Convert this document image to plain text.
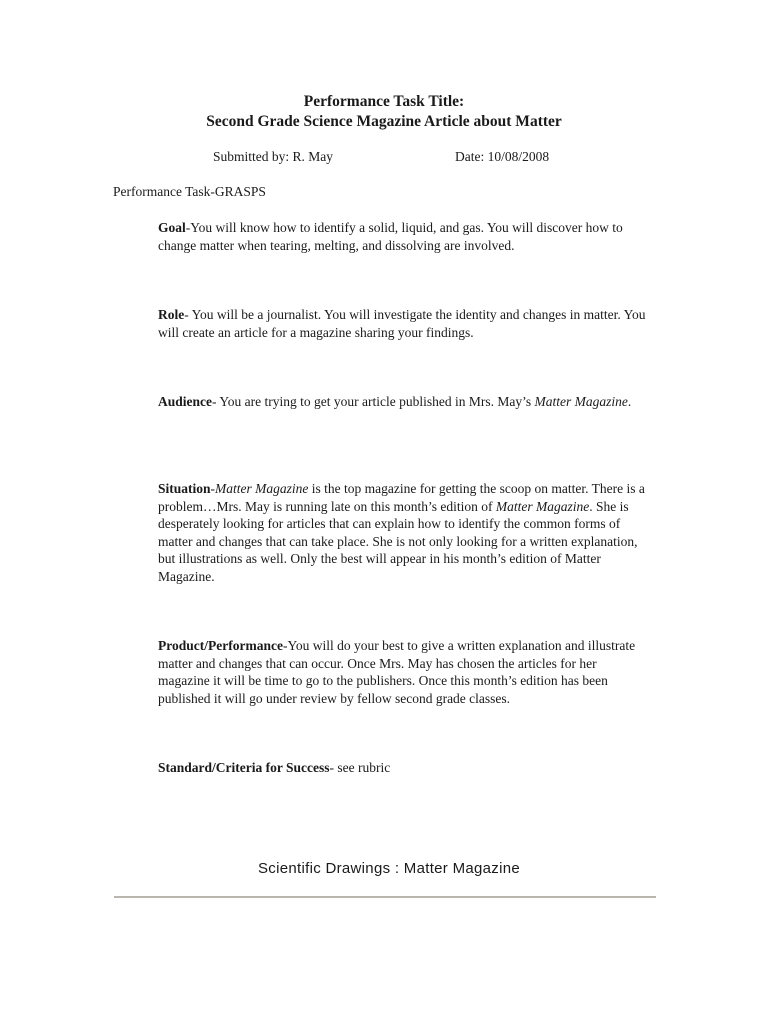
Performance Task Title:
Second Grade Science Magazine Article about Matter
Submitted by: R. May	Date: 10/08/2008
Performance Task-GRASPS
Goal-You will know how to identify a solid, liquid, and gas. You will discover how to change matter when tearing, melting, and dissolving are involved.
Role- You will be a journalist. You will investigate the identity and changes in matter. You will create an article for a magazine sharing your findings.
Audience- You are trying to get your article published in Mrs. May’s Matter Magazine.
Situation-Matter Magazine is the top magazine for getting the scoop on matter. There is a problem…Mrs. May is running late on this month’s edition of Matter Magazine. She is desperately looking for articles that can explain how to identify the common forms of matter and changes that can take place. She is not only looking for a written explanation, but illustrations as well. Only the best will appear in his month’s edition of Matter Magazine.
Product/Performance-You will do your best to give a written explanation and illustrate matter and changes that can occur. Once Mrs. May has chosen the articles for her magazine it will be time to go to the publishers. Once this month’s edition has been published it will go under review by fellow second grade classes.
Standard/Criteria for Success- see rubric
Scientific Drawings : Matter Magazine
